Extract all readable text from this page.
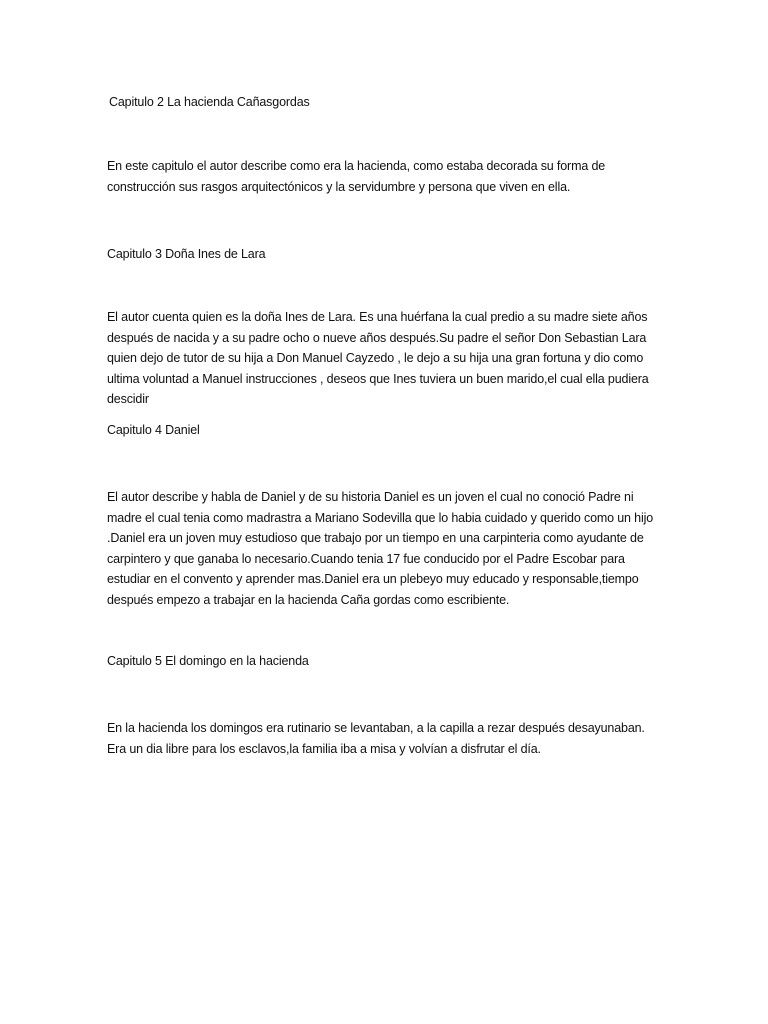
Capitulo 2 La hacienda Cañasgordas

En este capitulo el autor describe como era la hacienda, como estaba decorada su forma de
construcción sus rasgos arquitectónicos y la servidumbre y persona que viven en ella.

Capitulo 3 Doña Ines de Lara

El autor cuenta quien es la doña Ines de Lara. Es una huérfana la cual predio a su madre siete años
después de nacida y a su padre ocho o nueve años después.Su padre el señor Don Sebastian Lara
quien dejo de tutor de su hija a Don Manuel Cayzedo , le dejo a su hija una gran fortuna y dio como
ultima voluntad a Manuel instrucciones , deseos que Ines tuviera un buen marido,el cual ella pudiera
descidir

Capitulo 4 Daniel

El autor describe y habla de Daniel y de su historia Daniel es un joven el cual no conoció Padre ni
madre el cual tenia como madrastra a Mariano Sodevilla que lo habia cuidado y querido como un hijo
.Daniel era un joven muy estudioso que trabajo por un tiempo en una carpinteria como ayudante de
carpintero y que ganaba lo necesario.Cuando tenia 17 fue conducido por el Padre Escobar para
estudiar en el convento y aprender mas.Daniel era un plebeyo muy educado y responsable,tiempo
después empezo a trabajar en la hacienda Caña gordas como escribiente.

Capitulo 5 El domingo en la hacienda

En la hacienda los domingos era rutinario se levantaban, a la capilla a rezar después desayunaban.
Era un dia libre para los esclavos,la familia iba a misa y volvían a disfrutar el día.
